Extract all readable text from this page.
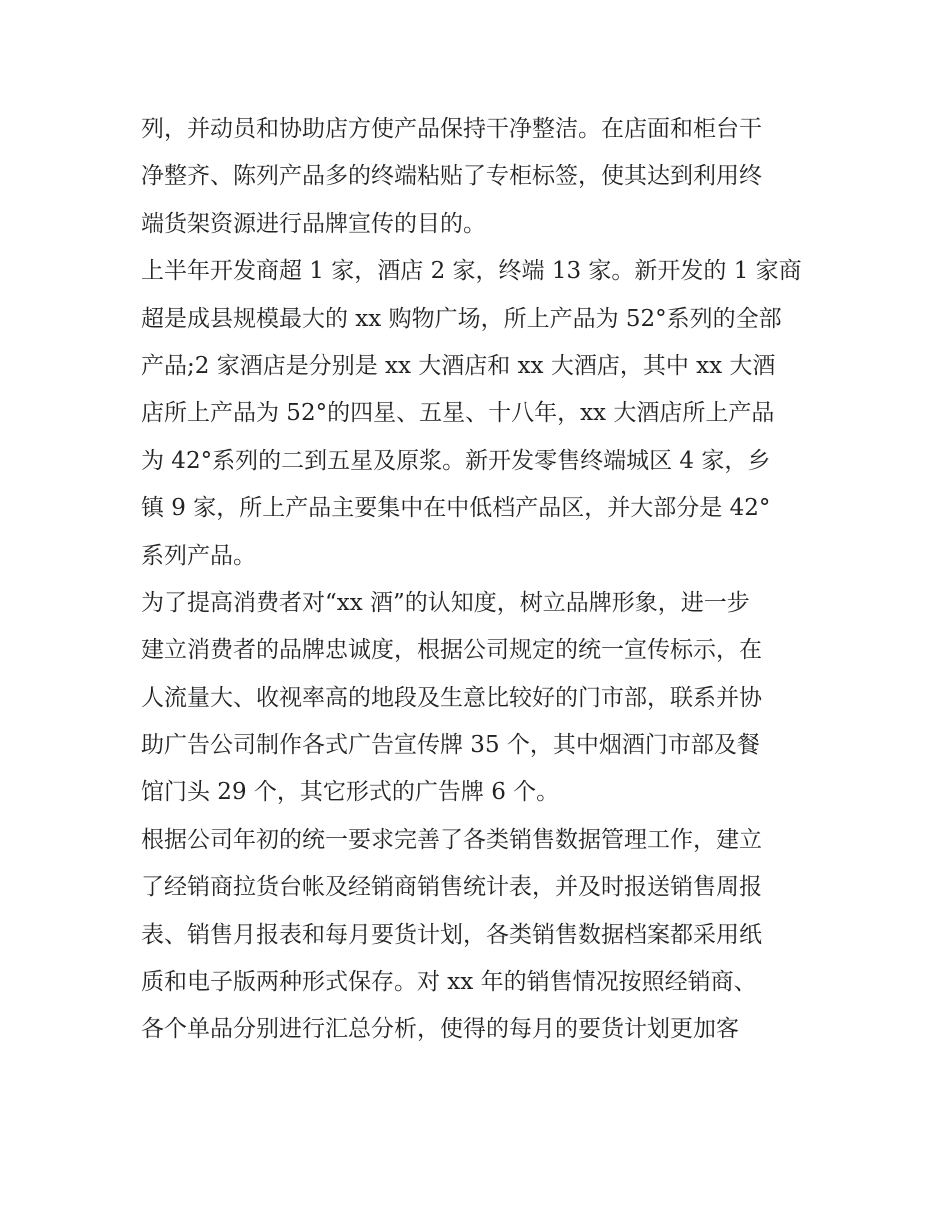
列，并动员和协助店方使产品保持干净整洁。在店面和柜台干
净整齐、陈列产品多的终端粘贴了专柜标签，使其达到利用终
端货架资源进行品牌宣传的目的。
上半年开发商超 1 家，酒店 2 家，终端 13 家。新开发的 1 家商
超是成县规模最大的 xx 购物广场，所上产品为 52°系列的全部
产品;2 家酒店是分别是 xx 大酒店和 xx 大酒店，其中 xx 大酒
店所上产品为 52°的四星、五星、十八年，xx 大酒店所上产品
为 42°系列的二到五星及原浆。新开发零售终端城区 4 家，乡
镇 9 家，所上产品主要集中在中低档产品区，并大部分是 42°
系列产品。
为了提高消费者对“xx 酒”的认知度，树立品牌形象，进一步
建立消费者的品牌忠诚度，根据公司规定的统一宣传标示，在
人流量大、收视率高的地段及生意比较好的门市部，联系并协
助广告公司制作各式广告宣传牌 35 个，其中烟酒门市部及餐
馆门头 29 个，其它形式的广告牌 6 个。
根据公司年初的统一要求完善了各类销售数据管理工作，建立
了经销商拉货台帐及经销商销售统计表，并及时报送销售周报
表、销售月报表和每月要货计划，各类销售数据档案都采用纸
质和电子版两种形式保存。对 xx 年的销售情况按照经销商、
各个单品分别进行汇总分析，使得的每月的要货计划更加客
